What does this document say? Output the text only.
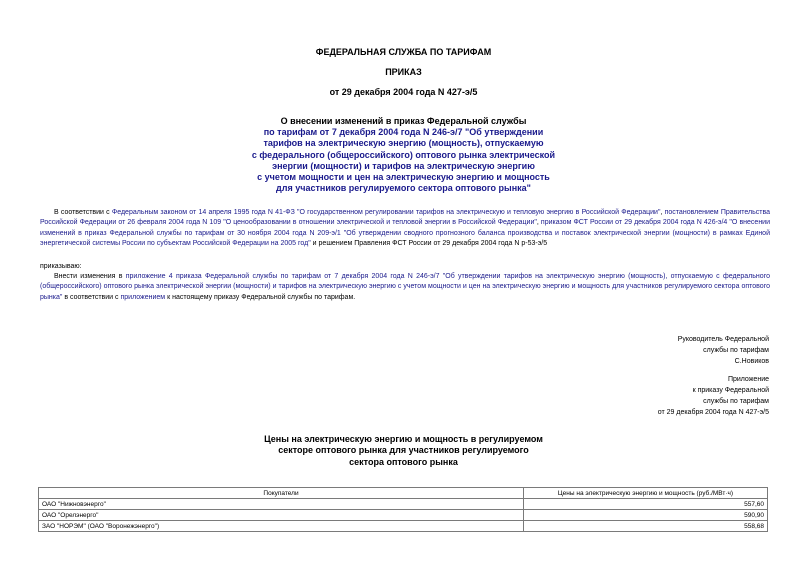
ФЕДЕРАЛЬНАЯ СЛУЖБА ПО ТАРИФАМ
ПРИКАЗ
от 29 декабря 2004 года N 427-э/5
О внесении изменений в приказ Федеральной службы
по тарифам от 7 декабря 2004 года N 246-э/7 "Об утверждении
тарифов на электрическую энергию (мощность), отпускаемую
с федерального (общероссийского) оптового рынка электрической
энергии (мощности) и тарифов на электрическую энергию
с учетом мощности и цен на электрическую энергию и мощность
для участников регулируемого сектора оптового рынка"
В соответствии с Федеральным законом от 14 апреля 1995 года N 41-ФЗ "О государственном регулировании тарифов на электрическую и тепловую энергию в Российской Федерации", постановлением Правительства Российской Федерации от 26 февраля 2004 года N 109 "О ценообразовании в отношении электрической и тепловой энергии в Российской Федерации", приказом ФСТ России от 29 декабря 2004 года N 426-э/4 "О внесении изменений в приказ Федеральной службы по тарифам от 30 ноября 2004 года N 209-э/1 "Об утверждении сводного прогнозного баланса производства и поставок электрической энергии (мощности) в рамках Единой энергетической системы России по субъектам Российской Федерации на 2005 год" и решением Правления ФСТ России от 29 декабря 2004 года N р-53-э/5
приказываю:
Внести изменения в приложение 4 приказа Федеральной службы по тарифам от 7 декабря 2004 года N 246-э/7 "Об утверждении тарифов на электрическую энергию (мощность), отпускаемую с федерального (общероссийского) оптового рынка электрической энергии (мощности) и тарифов на электрическую энергию с учетом мощности и цен на электрическую энергию и мощность для участников регулируемого сектора оптового рынка" в соответствии с приложением к настоящему приказу Федеральной службы по тарифам.
Руководитель Федеральной
службы по тарифам
С.Новиков
Приложение
к приказу Федеральной
службы по тарифам
от 29 декабря 2004 года N 427-э/5
Цены на электрическую энергию и мощность в регулируемом
секторе оптового рынка для участников регулируемого
сектора оптового рынка
Покупатели	Цены на электрическую энергию и мощность (руб./МВт·ч)
ОАО "Нижновэнерго"	557,60
ОАО "Орелэнерго"	590,90
ЗАО "НОРЭМ" (ОАО "Воронежэнерго")	558,68
